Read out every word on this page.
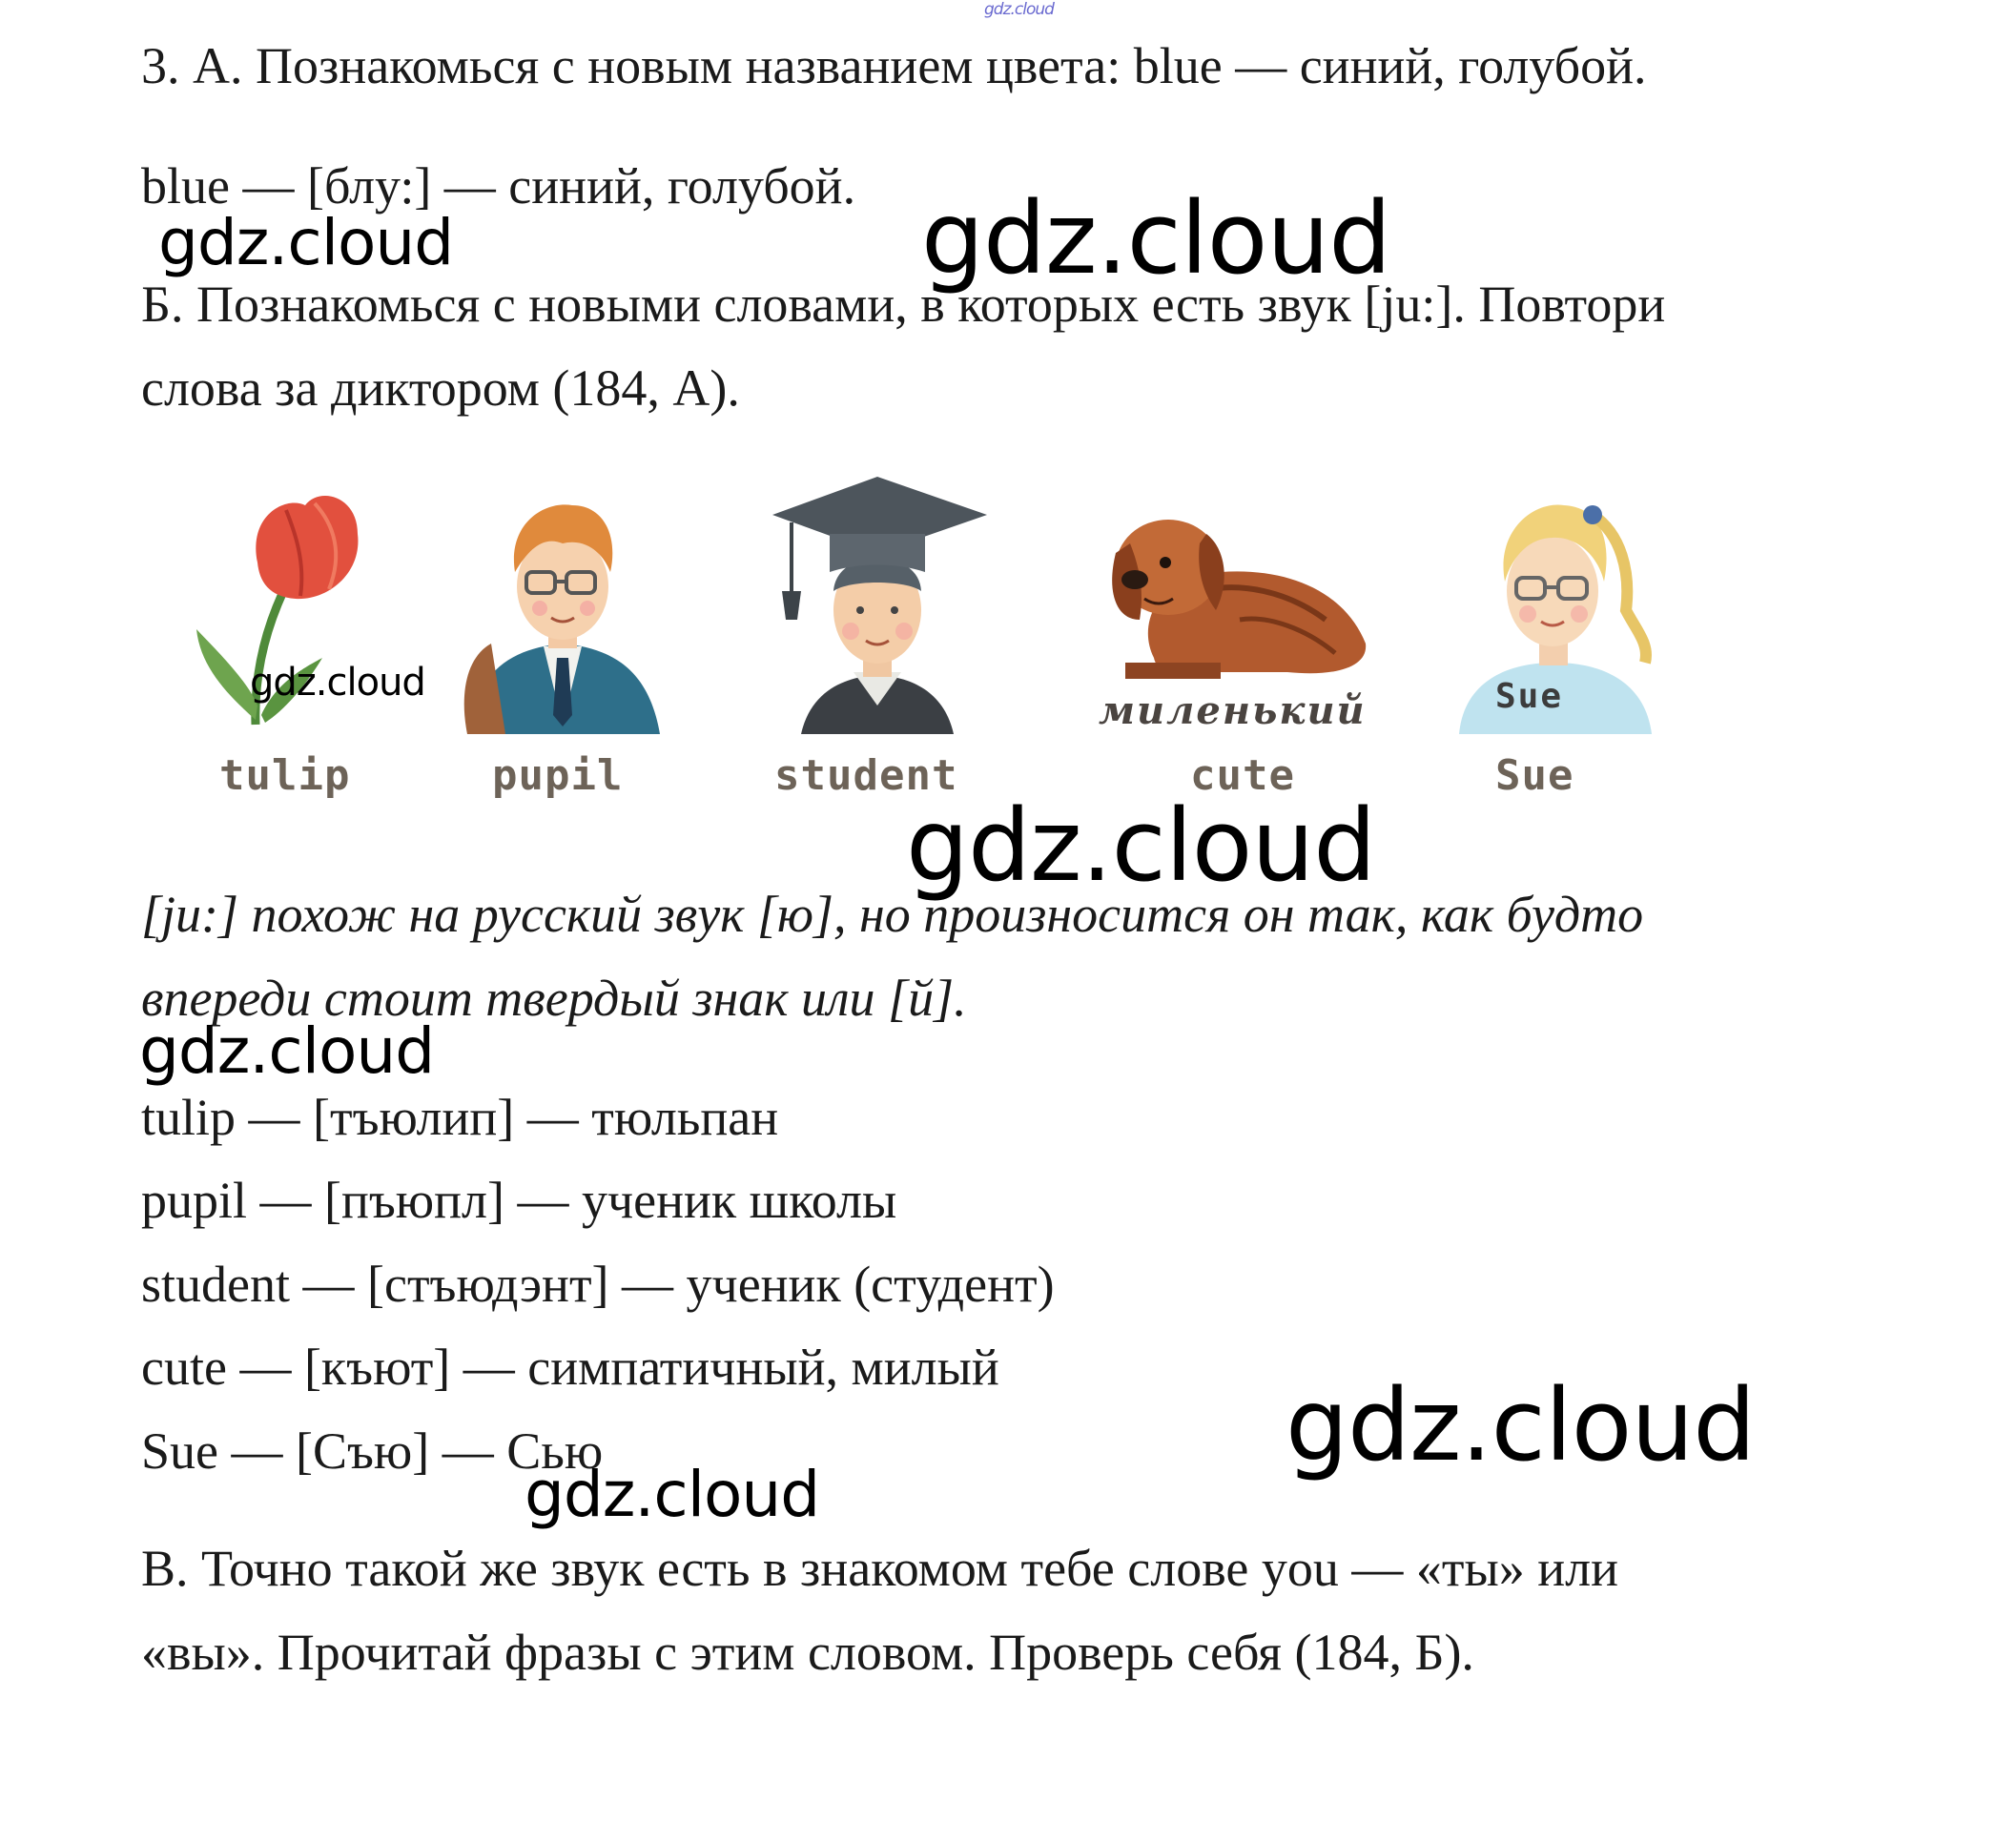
gdz.cloud
3. А. Познакомься с новым названием цвета: blue — синий, голубой.
blue — [блу:] — синий, голубой.
gdz.cloud	gdz.cloud
Б. Познакомься с новыми словами, в которых есть звук [ju:]. Повтори
слова за диктором (184, А).
tulip
gdz.cloud
pupil	student
миленький
cute
Sue
Sue
gdz.cloud
[ju:] похож на русский звук [ю], но произносится он так, как будто
впереди стоит твердый знак или [й].
gdz.cloud
tulip — [тъюлип] — тюльпан
pupil — [пъюпл] — ученик школы
student — [стъюдэнт] — ученик (студент)
cute — [къют] — симпатичный, милый
Sue — [Съю] — Сью	gdz.cloud
gdz.cloud
В. Точно такой же звук есть в знакомом тебе слове you — «ты» или
«вы». Прочитай фразы с этим словом. Проверь себя (184, Б).
